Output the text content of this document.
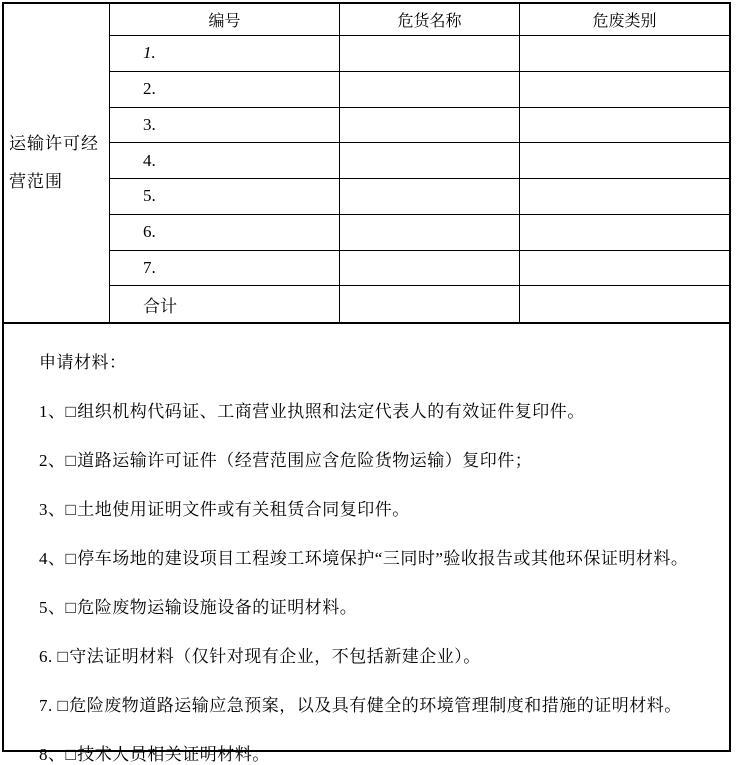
运输许可经营范围
编号	危货名称	危废类别
1.
2.
3.
4.
5.
6.
7.
合计

申请材料：

1、□组织机构代码证、工商营业执照和法定代表人的有效证件复印件。

2、□道路运输许可证件（经营范围应含危险货物运输）复印件；

3、□土地使用证明文件或有关租赁合同复印件。

4、□停车场地的建设项目工程竣工环境保护“三同时”验收报告或其他环保证明材料。

5、□危险废物运输设施设备的证明材料。

6. □守法证明材料（仅针对现有企业，不包括新建企业）。

7. □危险废物道路运输应急预案，以及具有健全的环境管理制度和措施的证明材料。

8、□技术人员相关证明材料。
